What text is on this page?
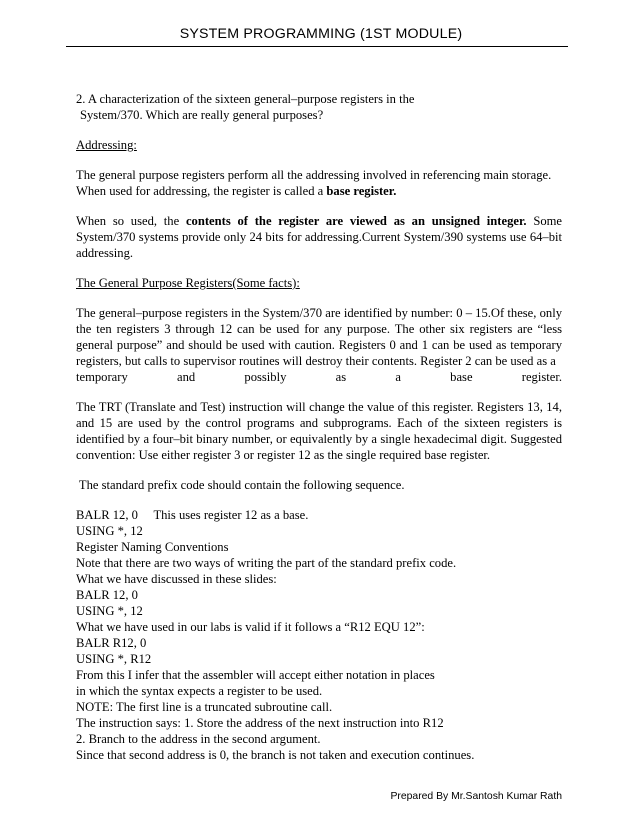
SYSTEM PROGRAMMING (1ST MODULE)

2. A characterization of the sixteen general–purpose registers in the
System/370. Which are really general purposes?

Addressing:

The general purpose registers perform all the addressing involved in referencing main storage. When used for addressing, the register is called a base register.

When so used, the contents of the register are viewed as an unsigned integer. Some System/370 systems provide only 24 bits for addressing.Current System/390 systems use 64–bit addressing.

The General Purpose Registers(Some facts):

The general–purpose registers in the System/370 are identified by number: 0 – 15.Of these, only the ten registers 3 through 12 can be used for any purpose. The other six registers are “less general purpose” and should be used with caution. Registers 0 and 1 can be used as temporary registers, but calls to supervisor routines will destroy their contents. Register 2 can be used as a

temporary and possibly as a base register.

The TRT (Translate and Test) instruction will change the value of this register. Registers 13, 14, and 15 are used by the control programs and subprograms. Each of the sixteen registers is identified by a four–bit binary number, or equivalently by a single hexadecimal digit. Suggested convention: Use either register 3 or register 12 as the single required base register.

The standard prefix code should contain the following sequence.

BALR 12, 0     This uses register 12 as a base.
USING *, 12
Register Naming Conventions
Note that there are two ways of writing the part of the standard prefix code.
What we have discussed in these slides:
BALR 12, 0
USING *, 12
What we have used in our labs is valid if it follows a “R12 EQU 12”:
BALR R12, 0
USING *, R12
From this I infer that the assembler will accept either notation in places
in which the syntax expects a register to be used.
NOTE: The first line is a truncated subroutine call.
The instruction says: 1. Store the address of the next instruction into R12
2. Branch to the address in the second argument.
Since that second address is 0, the branch is not taken and execution continues.
Prepared By Mr.Santosh Kumar Rath
